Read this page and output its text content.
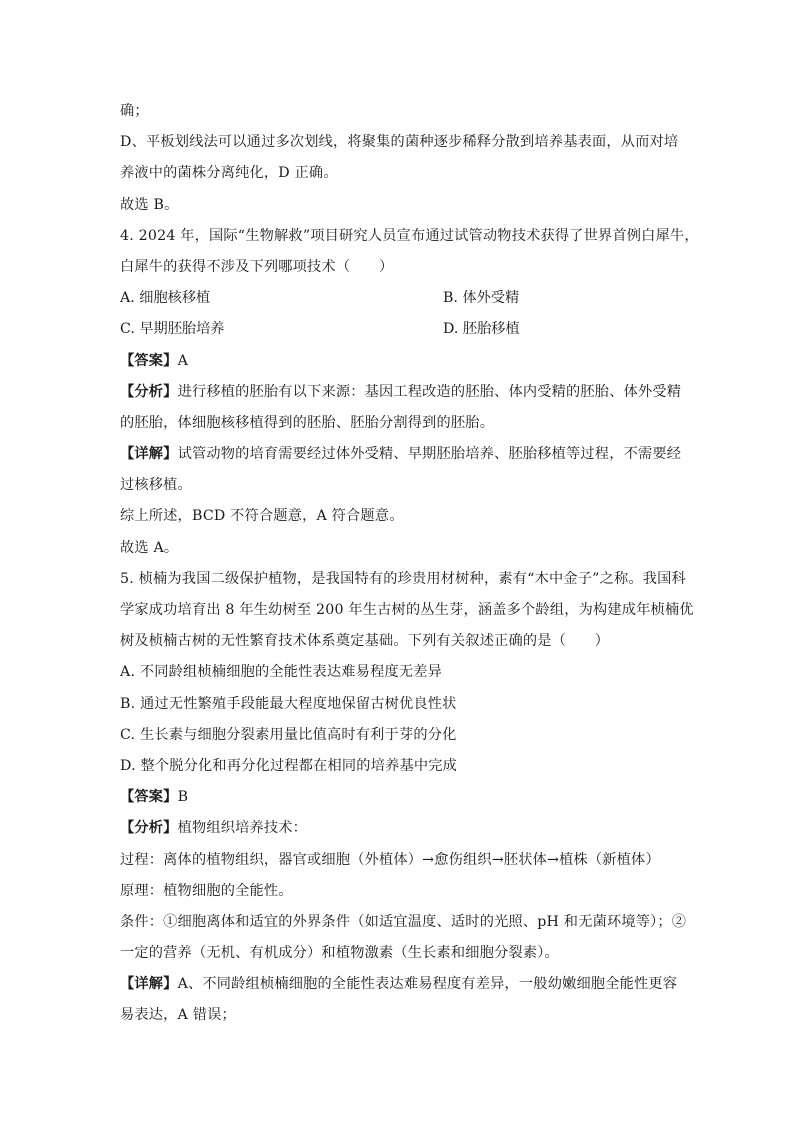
确；
D、平板划线法可以通过多次划线，将聚集的菌种逐步稀释分散到培养基表面，从而对培
养液中的菌株分离纯化，D 正确。
故选 B。
4. 2024 年，国际“生物解救”项目研究人员宣布通过试管动物技术获得了世界首例白犀牛，
白犀牛的获得不涉及下列哪项技术（　　）
A. 细胞核移植	B. 体外受精
C. 早期胚胎培养	D. 胚胎移植
【答案】A
【分析】进行移植的胚胎有以下来源：基因工程改造的胚胎、体内受精的胚胎、体外受精
的胚胎，体细胞核移植得到的胚胎、胚胎分割得到的胚胎。
【详解】试管动物的培育需要经过体外受精、早期胚胎培养、胚胎移植等过程，不需要经
过核移植。
综上所述，BCD 不符合题意，A 符合题意。
故选 A。
5. 桢楠为我国二级保护植物，是我国特有的珍贵用材树种，素有“木中金子”之称。我国科
学家成功培育出 8 年生幼树至 200 年生古树的丛生芽，涵盖多个龄组，为构建成年桢楠优
树及桢楠古树的无性繁育技术体系奠定基础。下列有关叙述正确的是（　　）
A. 不同龄组桢楠细胞的全能性表达难易程度无差异
B. 通过无性繁殖手段能最大程度地保留古树优良性状
C. 生长素与细胞分裂素用量比值高时有利于芽的分化
D. 整个脱分化和再分化过程都在相同的培养基中完成
【答案】B
【分析】植物组织培养技术：
过程：离体的植物组织，器官或细胞（外植体）→愈伤组织→胚状体→植株（新植体）
原理：植物细胞的全能性。
条件：①细胞离体和适宜的外界条件（如适宜温度、适时的光照、pH 和无菌环境等）；②
一定的营养（无机、有机成分）和植物激素（生长素和细胞分裂素）。
【详解】A、不同龄组桢楠细胞的全能性表达难易程度有差异，一般幼嫩细胞全能性更容
易表达，A 错误；
